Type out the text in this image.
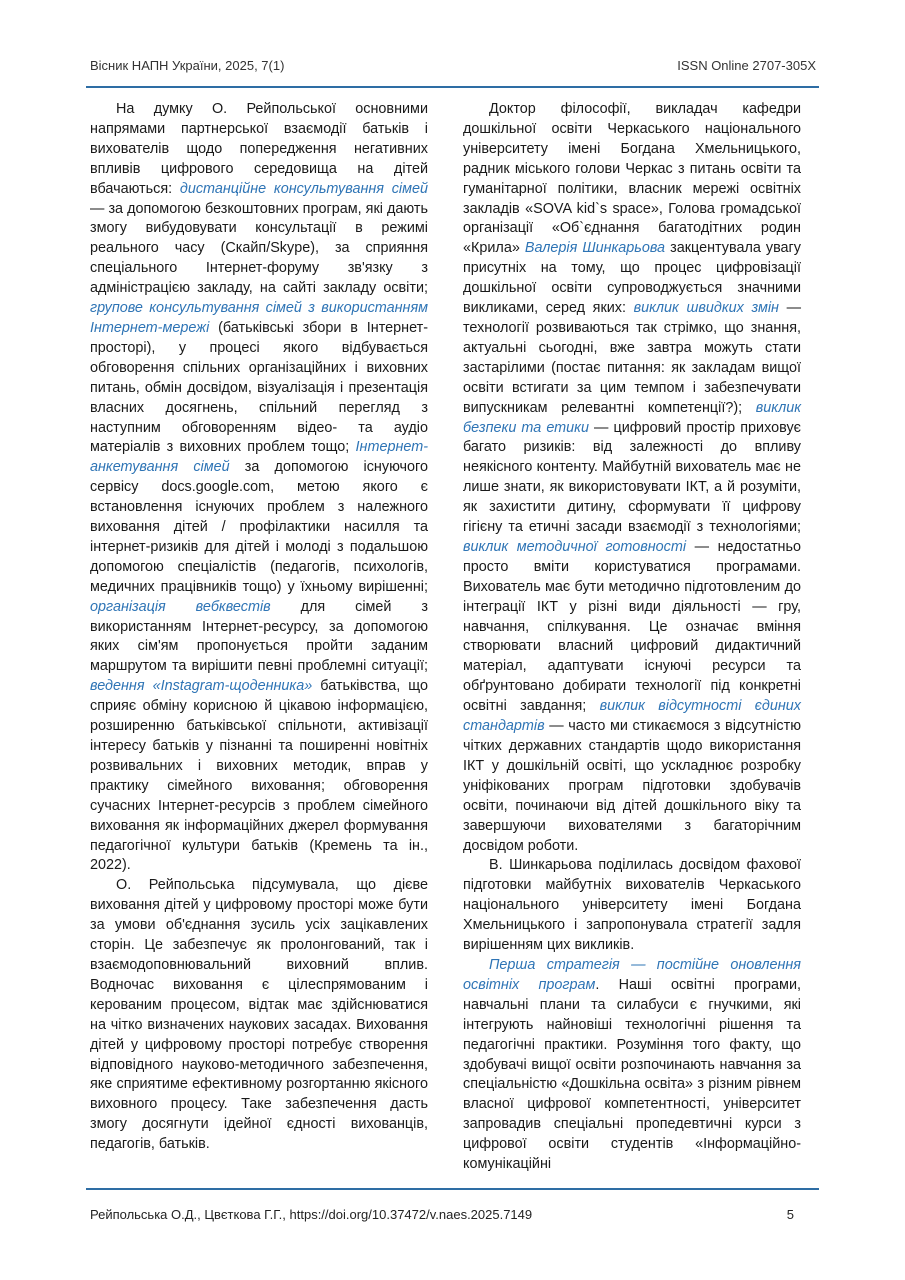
Вісник НАПН України, 2025, 7(1)	ISSN Online 2707-305X

На думку О. Рейпольської основними напрямами партнерської взаємодії батьків і вихователів щодо попередження негативних впливів цифрового середовища на дітей вбачаються: дистанційне консультування сімей — за допомогою безкоштовних програм, які дають змогу вибудовувати консультації в режимі реального часу (Скайп/Skype), за сприяння спеціального Інтернет-форуму зв'язку з адміністрацією закладу, на сайті закладу освіти; групове консультування сімей з використанням Інтернет-мережі (батьківські збори в Інтернет-просторі), у процесі якого відбувається обговорення спільних організаційних і виховних питань, обмін досвідом, візуалізація і презентація власних досягнень, спільний перегляд з наступним обговоренням відео- та аудіо матеріалів з виховних проблем тощо; Інтернет-анкетування сімей за допомогою існуючого сервісу docs.google.com, метою якого є встановлення існуючих проблем з належного виховання дітей / профілактики насилля та інтернет-ризиків для дітей і молоді з подальшою допомогою спеціалістів (педагогів, психологів, медичних працівників тощо) у їхньому вирішенні; організація вебквестів для сімей з використанням Інтернет-ресурсу, за допомогою яких сім'ям пропонується пройти заданим маршрутом та вирішити певні проблемні ситуації; ведення «Instagram-щоденника» батьківства, що сприяє обміну корисною й цікавою інформацією, розширенню батьківської спільноти, активізації інтересу батьків у пізнанні та поширенні новітніх розвивальних і виховних методик, вправ у практику сімейного виховання; обговорення сучасних Інтернет-ресурсів з проблем сімейного виховання як інформаційних джерел формування педагогічної культури батьків (Кремень та ін., 2022).

О. Рейпольська підсумувала, що дієве виховання дітей у цифровому просторі може бути за умови об'єднання зусиль усіх зацікавлених сторін. Це забезпечує як пролонгований, так і взаємодоповнювальний виховний вплив. Водночас виховання є цілеспрямованим і керованим процесом, відтак має здійснюватися на чітко визначених наукових засадах. Виховання дітей у цифровому просторі потребує створення відповідного науково-методичного забезпечення, яке сприятиме ефективному розгортанню якісного виховного процесу. Таке забезпечення дасть змогу досягнути ідейної єдності вихованців, педагогів, батьків.

Доктор філософії, викладач кафедри дошкільної освіти Черкаського національного університету імені Богдана Хмельницького, радник міського голови Черкас з питань освіти та гуманітарної політики, власник мережі освітніх закладів «SOVA kid`s space», Голова громадської організації «Об`єднання багатодітних родин «Крила» Валерія Шинкарьова закцентувала увагу присутніх на тому, що процес цифровізації дошкільної освіти супроводжується значними викликами, серед яких: виклик швидких змін — технології розвиваються так стрімко, що знання, актуальні сьогодні, вже завтра можуть стати застарілими (постає питання: як закладам вищої освіти встигати за цим темпом і забезпечувати випускникам релевантні компетенції?); виклик безпеки та етики — цифровий простір приховує багато ризиків: від залежності до впливу неякісного контенту. Майбутній вихователь має не лише знати, як використовувати ІКТ, а й розуміти, як захистити дитину, сформувати її цифрову гігієну та етичні засади взаємодії з технологіями; виклик методичної готовності — недостатньо просто вміти користуватися програмами. Вихователь має бути методично підготовленим до інтеграції ІКТ у різні види діяльності — гру, навчання, спілкування. Це означає вміння створювати власний цифровий дидактичний матеріал, адаптувати існуючі ресурси та обґрунтовано добирати технології під конкретні освітні завдання; виклик відсутності єдиних стандартів — часто ми стикаємося з відсутністю чітких державних стандартів щодо використання ІКТ у дошкільній освіті, що ускладнює розробку уніфікованих програм підготовки здобувачів освіти, починаючи від дітей дошкільного віку та завершуючи вихователями з багаторічним досвідом роботи.

В. Шинкарьова поділилась досвідом фахової підготовки майбутніх вихователів Черкаського національного університету імені Богдана Хмельницького і запропонувала стратегії задля вирішенням цих викликів.

Перша стратегія — постійне оновлення освітніх програм. Наші освітні програми, навчальні плани та силабуси є гнучкими, які інтегрують найновіші технологічні рішення та педагогічні практики. Розуміння того факту, що здобувачі вищої освіти розпочинають навчання за спеціальністю «Дошкільна освіта» з різним рівнем власної цифрової компетентності, університет запровадив спеціальні пропедевтичні курси з цифрової освіти студентів «Інформаційно-комунікаційні

Рейпольська О.Д., Цвєткова Г.Г., https://doi.org/10.37472/v.naes.2025.7149	5
